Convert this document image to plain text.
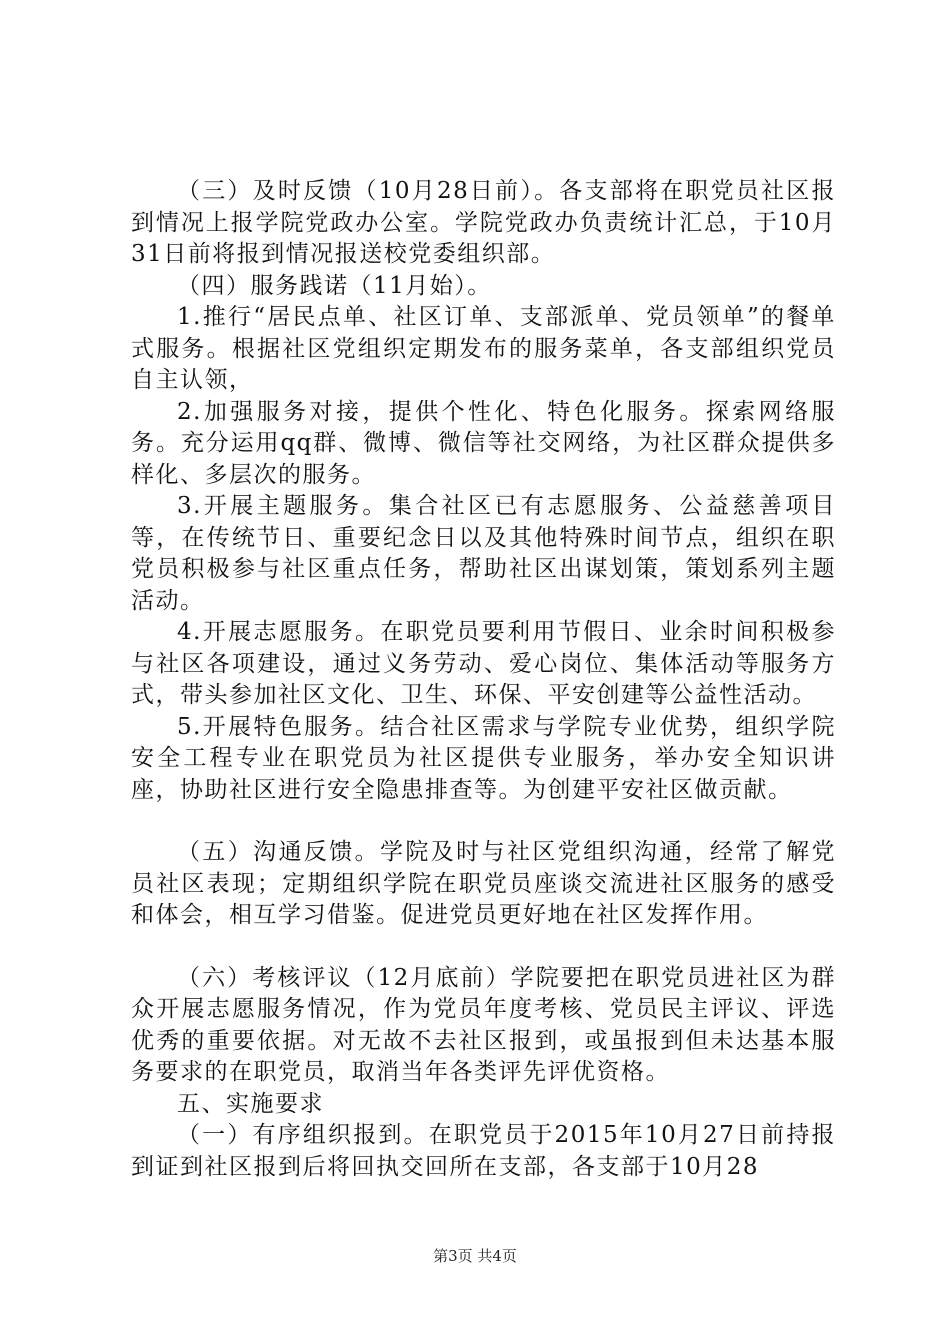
（三）及时反馈（10月28日前）。各支部将在职党员社区报到情况上报学院党政办公室。学院党政办负责统计汇总，于10月31日前将报到情况报送校党委组织部。

（四）服务践诺（11月始）。

1.推行“居民点单、社区订单、支部派单、党员领单”的餐单式服务。根据社区党组织定期发布的服务菜单，各支部组织党员自主认领，

2.加强服务对接，提供个性化、特色化服务。探索网络服务。充分运用qq群、微博、微信等社交网络，为社区群众提供多样化、多层次的服务。

3.开展主题服务。集合社区已有志愿服务、公益慈善项目等，在传统节日、重要纪念日以及其他特殊时间节点，组织在职党员积极参与社区重点任务，帮助社区出谋划策，策划系列主题活动。

4.开展志愿服务。在职党员要利用节假日、业余时间积极参与社区各项建设，通过义务劳动、爱心岗位、集体活动等服务方式，带头参加社区文化、卫生、环保、平安创建等公益性活动。

5.开展特色服务。结合社区需求与学院专业优势，组织学院安全工程专业在职党员为社区提供专业服务，举办安全知识讲座，协助社区进行安全隐患排查等。为创建平安社区做贡献。

（五）沟通反馈。学院及时与社区党组织沟通，经常了解党员社区表现；定期组织学院在职党员座谈交流进社区服务的感受和体会，相互学习借鉴。促进党员更好地在社区发挥作用。

（六）考核评议（12月底前）学院要把在职党员进社区为群众开展志愿服务情况，作为党员年度考核、党员民主评议、评选优秀的重要依据。对无故不去社区报到，或虽报到但未达基本服务要求的在职党员，取消当年各类评先评优资格。

五、实施要求

（一）有序组织报到。在职党员于2015年10月27日前持报到证到社区报到后将回执交回所在支部，各支部于10月28

第3页 共4页
